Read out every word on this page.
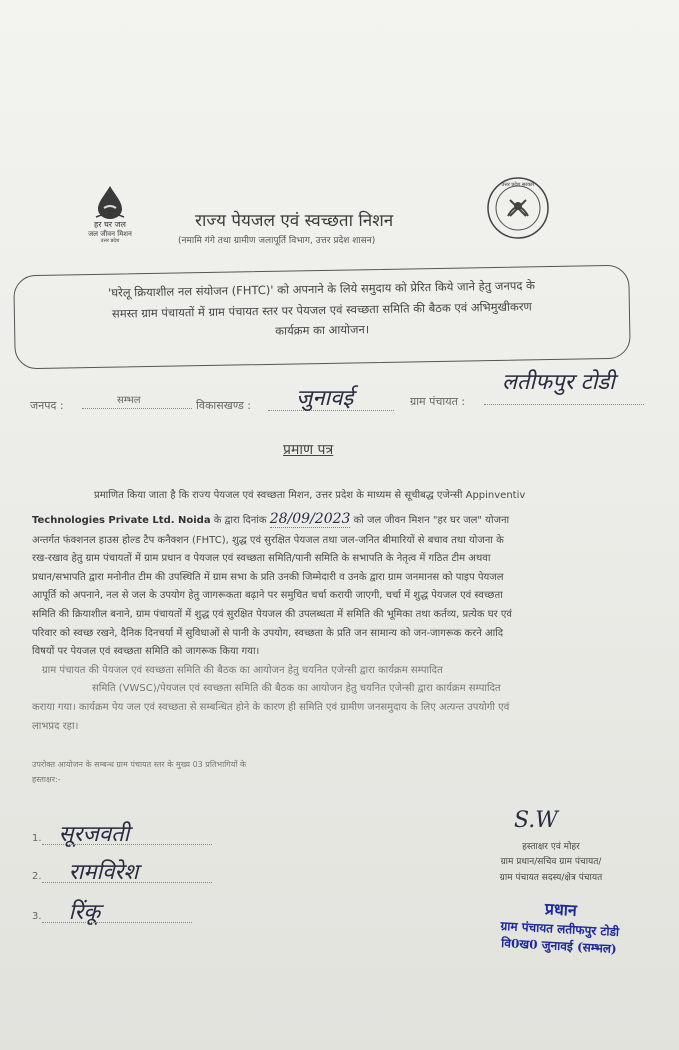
हर घर जल
जल जीवन मिशन
उत्तर प्रदेश
उत्तर प्रदेश सरकार
राज्य पेयजल एवं स्वच्छता निशन
(नमामि गंगे तथा ग्रामीण जलापूर्ति विभाग, उत्तर प्रदेश शासन)
'घरेलू क्रियाशील नल संयोजन (FHTC)' को अपनाने के लिये समुदाय को प्रेरित किये जाने हेतु जनपद के
समस्त ग्राम पंचायतों में ग्राम पंचायत स्तर पर पेयजल एवं स्वच्छता समिति की बैठक एवं अभिमुखीकरण
कार्यक्रम का आयोजन।
जनपद :	सम्भल	विकासखण्ड : जुनावई	ग्राम पंचायत :
लतीफपुर टोडी
प्रमाण पत्र
प्रमाणित किया जाता है कि राज्य पेयजल एवं स्वच्छता मिशन, उत्तर प्रदेश के माध्यम से सूचीबद्ध एजेन्सी Appinventiv
Technologies Private Ltd. Noida के द्वारा दिनांक 28/09/2023 को जल जीवन मिशन "हर घर जल" योजना
अन्तर्गत फंक्शनल हाउस होल्ड टैप कनैक्शन (FHTC), शुद्ध एवं सुरक्षित पेयजल तथा जल-जनित बीमारियों से बचाव तथा योजना के
रख-रखाव हेतु ग्राम पंचायतों में ग्राम प्रधान व पेयजल एवं स्वच्छता समिति/पानी समिति के सभापति के नेतृत्व में गठित टीम अथवा
प्रधान/सभापति द्वारा मनोनीत टीम की उपस्थिति में ग्राम सभा के प्रति उनकी जिम्मेदारी व उनके द्वारा ग्राम जनमानस को पाइप पेयजल
आपूर्ति को अपनाने, नल से जल के उपयोग हेतु जागरूकता बढ़ाने पर समुचित चर्चा करायी जाएगी, चर्चा में शुद्ध पेयजल एवं स्वच्छता
समिति की क्रियाशील बनाने, ग्राम पंचायतों में शुद्ध एवं सुरक्षित पेयजल की उपलब्धता में समिति की भूमिका तथा कर्तव्य, प्रत्येक घर एवं
परिवार को स्वच्छ रखने, दैनिक दिनचर्या में सुविधाओं से पानी के उपयोग, स्वच्छता के प्रति जन सामान्य को जन-जागरूक करने आदि
विषयों पर पेयजल एवं स्वच्छता समिति को जागरूक किया गया।
ग्राम पंचायत की पेयजल एवं स्वच्छता समिति की बैठक का आयोजन हेतु चयनित एजेन्सी द्वारा कार्यक्रम सम्पादित
समिति (VWSC)/पेयजल एवं स्वच्छता समिति की बैठक का आयोजन हेतु चयनित एजेन्सी द्वारा कार्यक्रम सम्पादित
कराया गया। कार्यक्रम पेय जल एवं स्वच्छता से सम्बन्धित होने के कारण ही समिति एवं ग्रामीण जनसमुदाय के लिए अत्यन्त उपयोगी एवं
लाभप्रद रहा।
उपरोक्त आयोजन के सम्बन्ध ग्राम पंचायत स्तर के मुख्य 03 प्रतिभागियों के
हस्ताक्षर:-
1. सूरजवती
2. रामविरेश
3. रिंकू
S.W
हस्ताक्षर एवं मोहर
ग्राम प्रधान/सचिव ग्राम पंचायत/
ग्राम पंचायत सदस्य/क्षेत्र पंचायत
प्रधान
ग्राम पंचायत लतीफपुर टोडी
वि0ख0 जुनावई (सम्भल)
